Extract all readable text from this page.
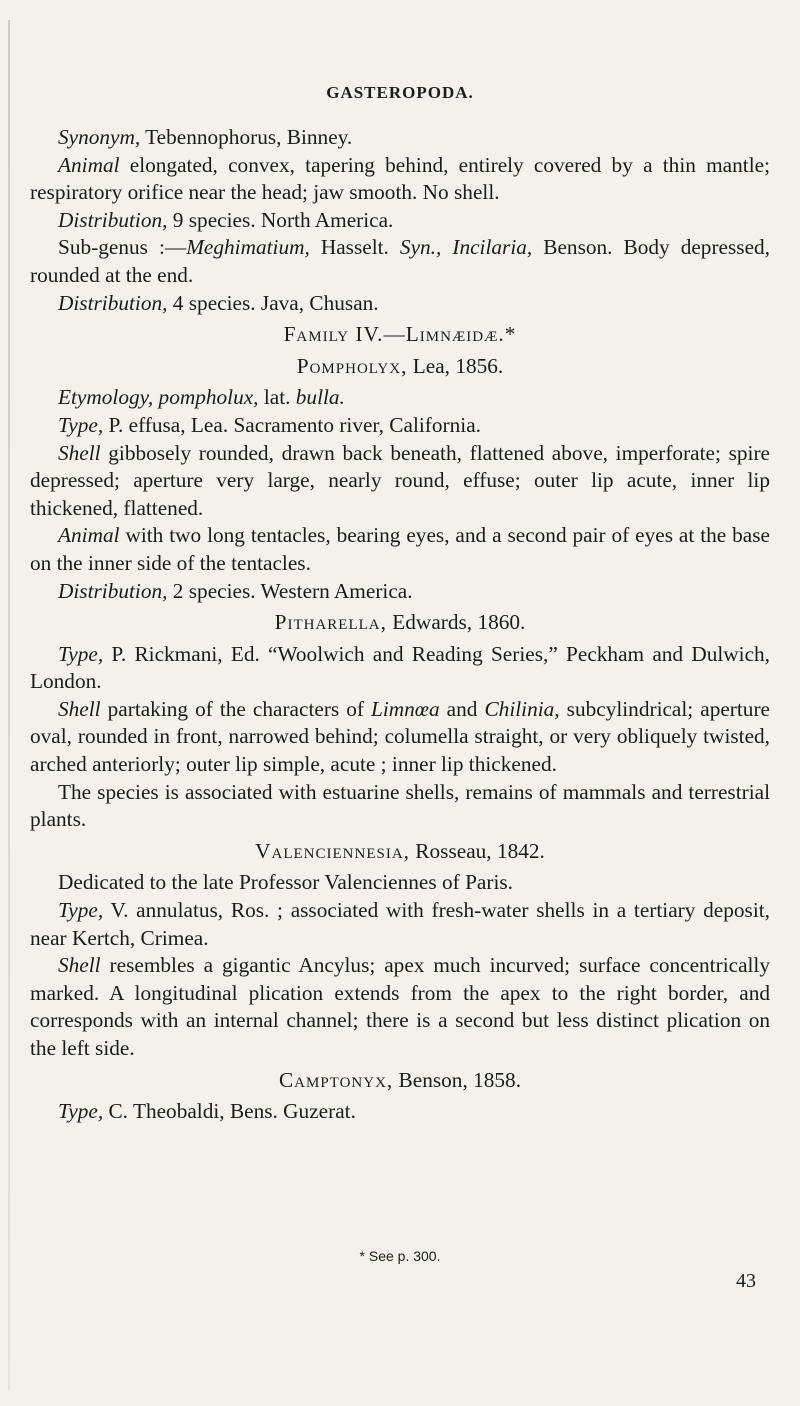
GASTEROPODA.

Synonym, Tebennophorus, Binney.

Animal elongated, convex, tapering behind, entirely covered by a thin mantle; respiratory orifice near the head; jaw smooth. No shell.

Distribution, 9 species. North America.

Sub-genus :—Meghimatium, Hasselt. Syn., Incilaria, Benson. Body depressed, rounded at the end.

Distribution, 4 species. Java, Chusan.

Family IV.—Limnæidæ.*

Pompholyx, Lea, 1856.

Etymology, pompholux, lat. bulla.

Type, P. effusa, Lea. Sacramento river, California.

Shell gibbosely rounded, drawn back beneath, flattened above, imperforate; spire depressed; aperture very large, nearly round, effuse; outer lip acute, inner lip thickened, flattened.

Animal with two long tentacles, bearing eyes, and a second pair of eyes at the base on the inner side of the tentacles.

Distribution, 2 species. Western America.

Pitharella, Edwards, 1860.

Type, P. Rickmani, Ed. “Woolwich and Reading Series,” Peckham and Dulwich, London.

Shell partaking of the characters of Limnœa and Chilinia, subcylindrical; aperture oval, rounded in front, narrowed behind; columella straight, or very obliquely twisted, arched anteriorly; outer lip simple, acute ; inner lip thickened.

The species is associated with estuarine shells, remains of mammals and terrestrial plants.

Valenciennesia, Rosseau, 1842.

Dedicated to the late Professor Valenciennes of Paris.

Type, V. annulatus, Ros. ; associated with fresh-water shells in a tertiary deposit, near Kertch, Crimea.

Shell resembles a gigantic Ancylus; apex much incurved; surface concentrically marked. A longitudinal plication extends from the apex to the right border, and corresponds with an internal channel; there is a second but less distinct plication on the left side.

Camptonyx, Benson, 1858.

Type, C. Theobaldi, Bens. Guzerat.

* See p. 300.
43
